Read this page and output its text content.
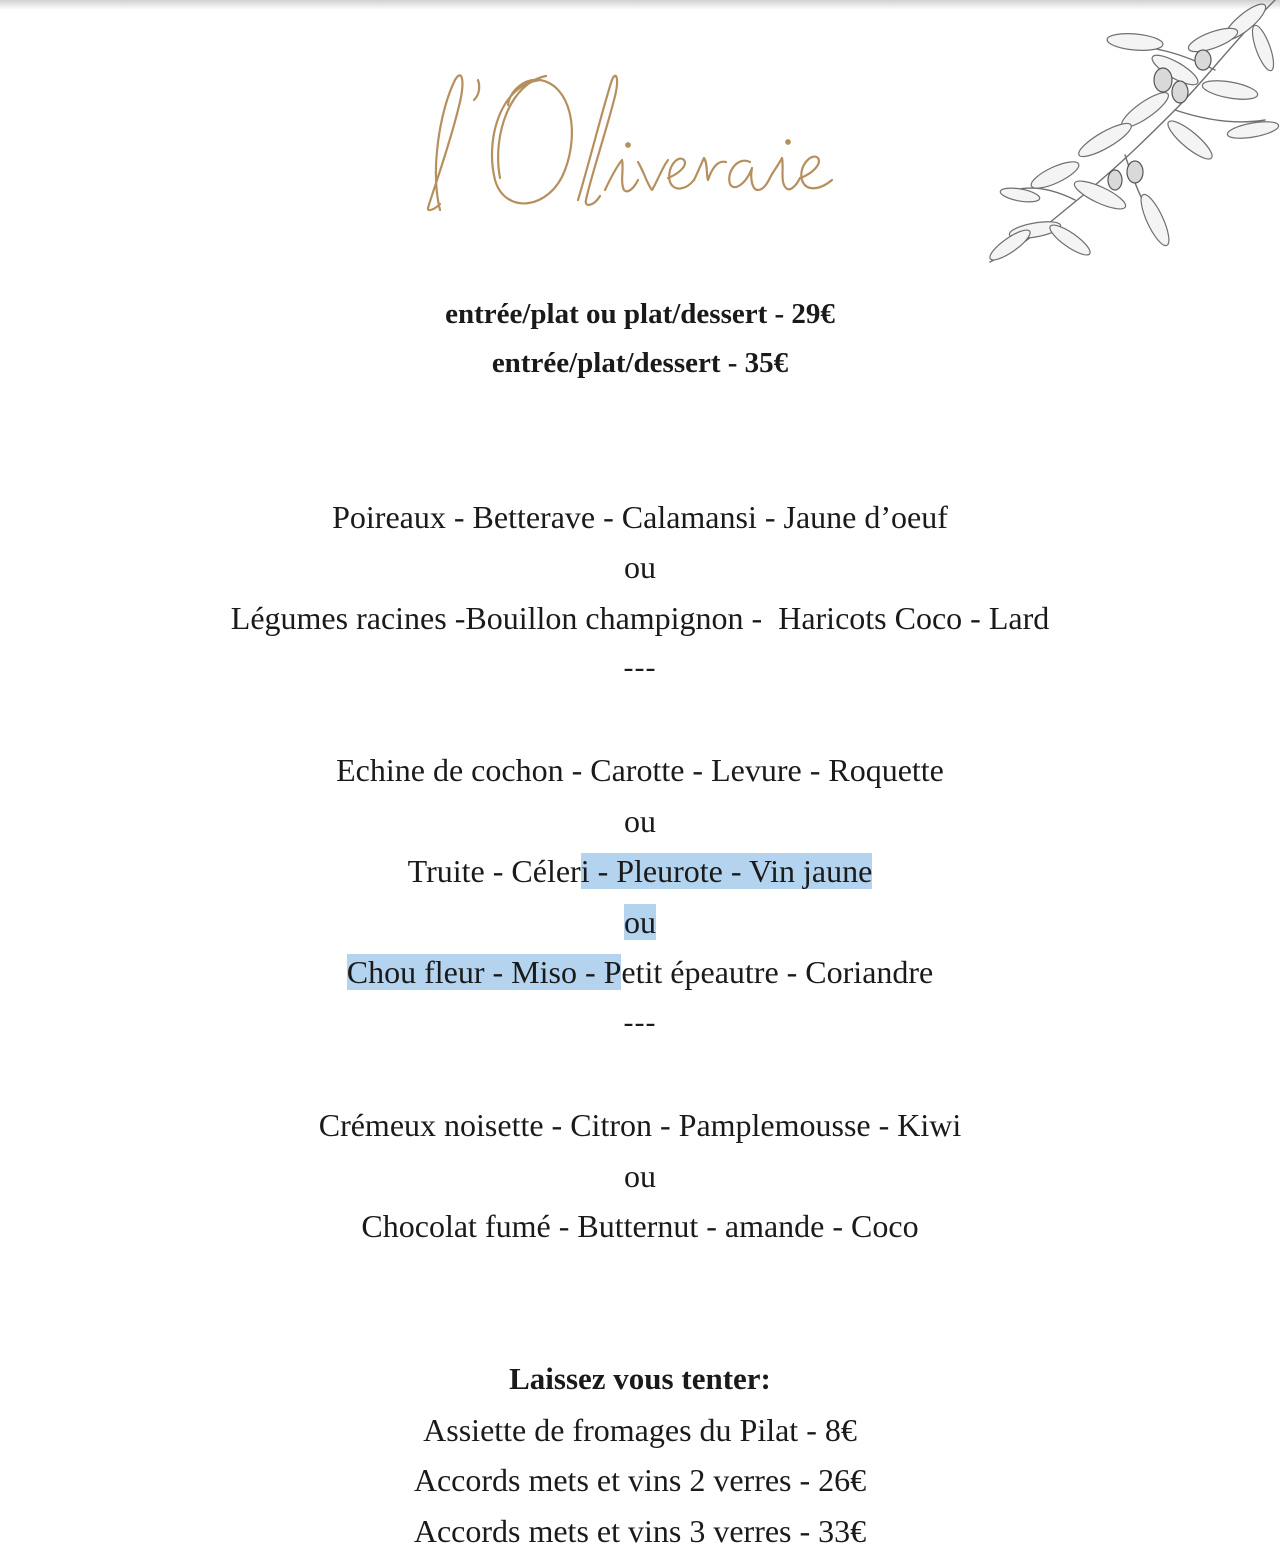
entrée/plat ou plat/dessert - 29€
entrée/plat/dessert - 35€
Poireaux - Betterave - Calamansi - Jaune d’oeuf
ou
Légumes racines -Bouillon champignon -  Haricots Coco - Lard
---
Echine de cochon - Carotte - Levure - Roquette
ou
Truite - Céleri - Pleurote - Vin jaune
ou
Chou fleur - Miso - Petit épeautre - Coriandre
---
Crémeux noisette - Citron - Pamplemousse - Kiwi
ou
Chocolat fumé - Butternut - amande - Coco
Laissez vous tenter:
Assiette de fromages du Pilat - 8€
Accords mets et vins 2 verres - 26€
Accords mets et vins 3 verres - 33€
